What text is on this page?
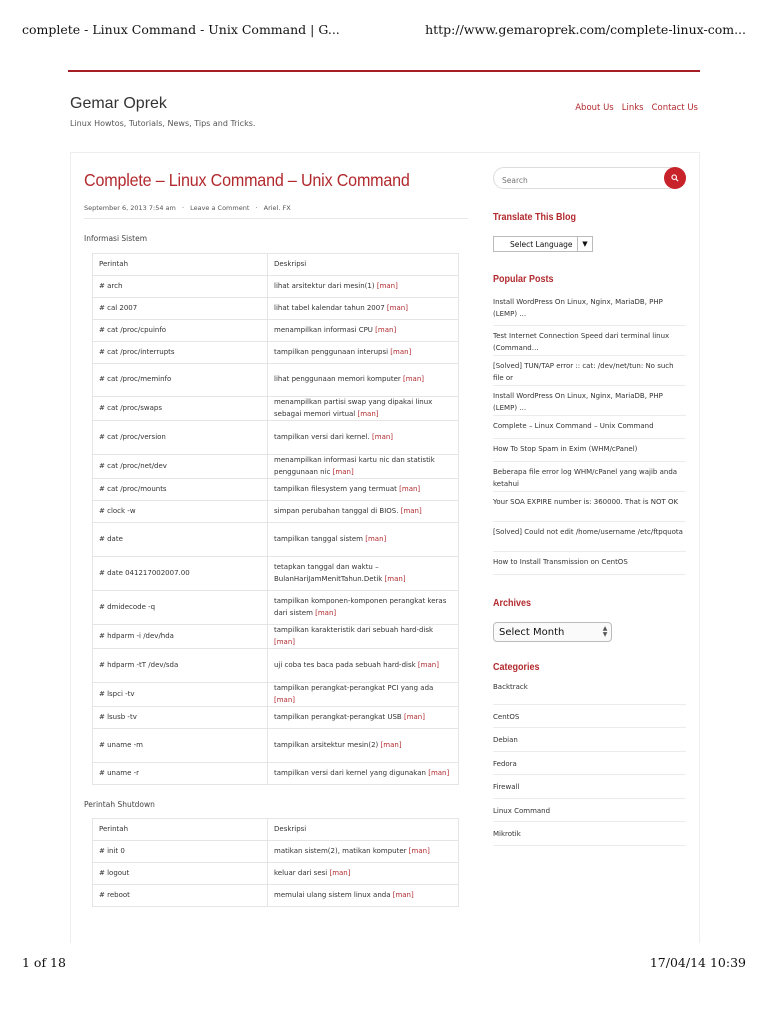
complete - Linux Command - Unix Command | G...	http://www.gemaroprek.com/complete-linux-com...
Gemar Oprek
Linux Howtos, Tutorials, News, Tips and Tricks.
About Us Links Contact Us
Complete – Linux Command – Unix Command
September 6, 2013 7:54 am · Leave a Comment · Ariel. FX
Informasi Sistem
Perintah	Deskripsi
# arch	lihat arsitektur dari mesin(1) [man]
# cal 2007	lihat tabel kalendar tahun 2007 [man]
# cat /proc/cpuinfo	menampilkan informasi CPU [man]
# cat /proc/interrupts	tampilkan penggunaan interupsi [man]
# cat /proc/meminfo	lihat penggunaan memori komputer [man]
# cat /proc/swaps	menampilkan partisi swap yang dipakai linux sebagai memori virtual [man]
# cat /proc/version	tampilkan versi dari kernel. [man]
# cat /proc/net/dev	menampilkan informasi kartu nic dan statistik penggunaan nic [man]
# cat /proc/mounts	tampilkan filesystem yang termuat [man]
# clock -w	simpan perubahan tanggal di BIOS. [man]
# date	tampilkan tanggal sistem [man]
# date 041217002007.00	tetapkan tanggal dan waktu – BulanHariJamMenitTahun.Detik [man]
# dmidecode -q	tampilkan komponen-komponen perangkat keras dari sistem [man]
# hdparm -i /dev/hda	tampilkan karakteristik dari sebuah hard-disk [man]
# hdparm -tT /dev/sda	uji coba tes baca pada sebuah hard-disk [man]
# lspci -tv	tampilkan perangkat-perangkat PCI yang ada [man]
# lsusb -tv	tampilkan perangkat-perangkat USB [man]
# uname -m	tampilkan arsitektur mesin(2) [man]
# uname -r	tampilkan versi dari kernel yang digunakan [man]
Perintah Shutdown
Perintah	Deskripsi
# init 0	matikan sistem(2), matikan komputer [man]
# logout	keluar dari sesi [man]
# reboot	memulai ulang sistem linux anda [man]
Search
Translate This Blog
Select Language	▼
Popular Posts
Install WordPress On Linux, Nginx, MariaDB, PHP (LEMP) …
Test Internet Connection Speed dari terminal linux (Command…
[Solved] TUN/TAP error :: cat: /dev/net/tun: No such file or
Install WordPress On Linux, Nginx, MariaDB, PHP (LEMP) …
Complete – Linux Command – Unix Command
How To Stop Spam in Exim (WHM/cPanel)
Beberapa file error log WHM/cPanel yang wajib anda ketahui
Your SOA EXPIRE number is: 360000. That is NOT OK
[Solved] Could not edit /home/username /etc/ftpquota
How to Install Transmission on CentOS
Archives
Select Month	▲
▼
Categories
Backtrack
CentOS
Debian
Fedora
Firewall
Linux Command
Mikrotik
1 of 18	17/04/14 10:39
